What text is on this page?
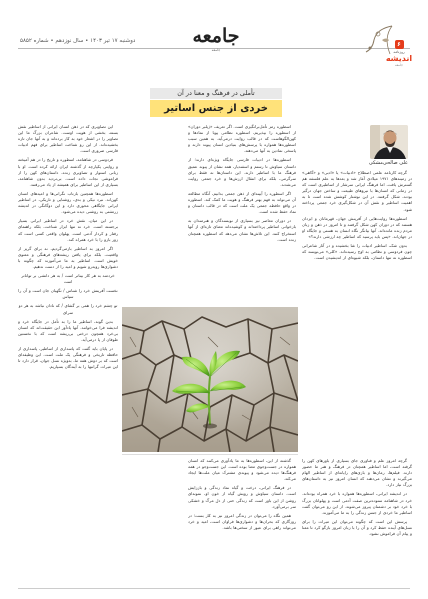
دوشنبه ۱۷ تیر ۱۴۰۳ • سال نوزدهم • شماره ۵۸۵۲	جامعه
جامعه
۶
روزنامه
اندیشه
جامعه
تأملی در فرهنگ و معنا در آن
خردی از جنس اساتیر
علی صالحی‌مشکی

گرچه کارنامه علمی اصطلاح «ادبیات» یا «ادبی» و «گاهی» در زمینه‌های ۱۹۷۱ میلادی آغاز شد و بعدها به علم فلسفه هم گسترش یافت، اما فرهنگ ایرانی سرشار از اساطیری است که در زمانی که انسان‌ها با نیروهای طبیعت و ساختن جهان درگیر بودند، شکل گرفتند. در این نوشتار کوشش شده است تا به اهمیت اساطیر و نقش آن در شکل‌گیری خرد جمعی پرداخته شود.

اسطوره‌ها روایت‌هایی از آفرینش جهان، قهرمانان و ایزدان هستند که در دوران کهن شکل گرفتند و تا امروز در ذهن و زبان مردم زنده مانده‌اند. آنها بیانگر نگاه انسان به هستی و جایگاه او در جهان‌اند. «پس باید پرسید که اساطیر چه ارزشی دارند؟»

بدون شک، اساطیر ادبیات را غنا بخشیده و در آثار شاعرانی چون فردوسی و نظامی به اوج رسیده‌اند. «کلی» می‌نویسد که اسطوره نه تنها داستان، بلکه شیوه‌ای از اندیشیدن است.

اسطوره رمز تأمل‌برانگیزی است. اگر تعریف «ژیلبر دوران» از اسطوره را بپذیریم، اسطوره نظامی پویا از نمادها و کهن‌الگوهاست که در قالب روایت درمی‌آید. به همین سبب اسطوره‌ها همواره با پرسش‌های بنیادین انسان پیوند دارند و پاسخی نمادین به آنها می‌دهند.

اسطوره‌ها در ادبیات فارسی جایگاه ویژه‌ای دارند؛ از داستان سیاوش تا رستم و اسفندیار، همه نشان از پیوند عمیق فرهنگ ما با اساطیر دارند. این داستان‌ها نه فقط برای سرگرمی، بلکه برای انتقال ارزش‌ها و خرد جمعی روایت می‌شدند.

اگر اسطوره را آیینه‌ای از ذهن جمعی بدانیم، آنگاه مطالعه آن می‌تواند به فهم بهتر فرهنگ و هویت ما کمک کند. اسطوره در واقع حافظه جمعی یک ملت است که در قالب داستان و نماد حفظ شده است.

در دوران معاصر نیز بسیاری از نویسندگان و هنرمندان به بازخوانی اساطیر پرداخته‌اند و کوشیده‌اند معنای تازه‌ای از آنها استخراج کنند. این تلاش‌ها نشان می‌دهد که اسطوره همچنان زنده است.

این تصاویری که در ذهن انسان ایرانی از اساطیر نقش بسته، بخشی از هویت اوست. شاعران بزرگ ما این تصاویر را در اشعار خود به کار برده‌اند و به آنها جان تازه بخشیده‌اند. از این رو شناخت اساطیر برای فهم ادبیات فارسی ضروری است.

فردوسی در شاهنامه، اسطوره و تاریخ را در هم آمیخته و روایتی یکپارچه از گذشته ایران ارائه کرده است. او با زبانی استوار و تصاویری زنده، داستان‌های کهن را از فراموشی نجات داده است. بی‌تردید بدون شاهنامه، بسیاری از این اساطیر برای همیشه از یاد می‌رفتند.

اسطوره‌ها همچنین بازتاب نگرانی‌ها و امیدهای انسان کهن‌اند. نبرد نیکی و بدی، روشنایی و تاریکی، در اساطیر ایرانی جایگاهی محوری دارد و این دوگانگی در اندیشه زرتشتی به روشنی دیده می‌شود.

در این میان، نقش خرد در اساطیر ایرانی بسیار برجسته است. خرد نه تنها ابزار شناخت، بلکه راهنمای رفتار و کردار آدمی است. پهلوان واقعی کسی است که زور بازو را با خرد همراه کند.

اگر امروز به اساطیر بازمی‌گردیم، نه برای گریز از واقعیت، بلکه برای یافتن ریشه‌های فرهنگی و معنوی خویش است. اساطیر به ما می‌آموزند که چگونه با دشواری‌ها روبه‌رو شویم و امید را از دست ندهیم.

خردمند به هر کار بیناتر است / به هر دانشی بر تواناتر است

نخست آفرینش خرد را شناس / نگهبان جان است و آن را سپاس

تو چشم خرد را همی بر گشای / که نادان نباشد به هر دو سرای

بدین گونه، اساطیر ما را به تأمل در جایگاه خرد و اندیشه فرا می‌خوانند. آنها یادآور این حقیقت‌اند که انسان بی‌خرد همچون درختی بی‌ریشه است که با نخستین طوفان از پا درمی‌آید.

در پایان باید گفت که پاسداری از اساطیر، پاسداری از حافظه تاریخی و فرهنگی یک ملت است. این وظیفه‌ای است که بر دوش همه ما، به‌ویژه نسل جوان، قرار دارد تا این میراث گرانبها را به آیندگان بسپاریم.

گرچه امروز علم و فناوری جای بسیاری از باورهای کهن را گرفته است، اما اساطیر همچنان در فرهنگ و هنر ما حضور دارند. فیلم‌ها، رمان‌ها و بازی‌های رایانه‌ای از اساطیر الهام می‌گیرند و نشان می‌دهند که انسان امروز نیز به داستان‌های بزرگ نیاز دارد.

در اندیشه ایرانی، اسطوره‌ها همواره با خرد همراه بوده‌اند. خرد در شاهنامه ستوده‌ترین صفت آدمی است و پهلوانان بزرگ با خرد خود بر دشمنان پیروز می‌شوند. از این رو می‌توان گفت اساطیر ما خردی از جنس زندگی را به ما می‌آموزند.

پرسش این است که چگونه می‌توان این میراث را برای نسل‌های آینده حفظ کرد و آن را با زبان امروز بازگو کرد تا معنا و پیام آن فراموش نشود.

گذشته از این، اسطوره‌ها به ما یادآوری می‌کنند که انسان همواره در جست‌وجوی معنا بوده است. این جست‌وجو در همه فرهنگ‌ها دیده می‌شود و پیوندی مشترک میان ملت‌ها ایجاد می‌کند.

در فرهنگ ایرانی، درخت و گیاه نماد زندگی و باززایش است. داستان سیاوش و رویش گیاه از خون او، نمونه‌ای روشن از این باور است که زندگی حتی از دل مرگ و خشکی سر برمی‌آورد.

همین نگاه را می‌توان در زندگی امروز نیز به کار بست؛ در روزگاری که بحران‌ها و دشواری‌ها فراوان است، امید و خرد می‌تواند راهی برای عبور از سختی‌ها باشد.
